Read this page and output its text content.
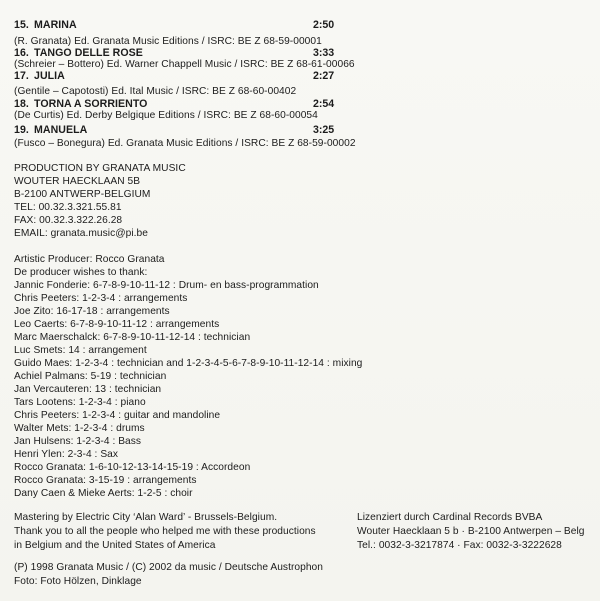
15. MARINA	2:50
(R. Granata) Ed. Granata Music Editions / ISRC: BE Z 68-59-00001
16. TANGO DELLE ROSE	3:33
(Schreier – Bottero) Ed. Warner Chappell Music / ISRC: BE Z 68-61-00066
17. JULIA	2:27
(Gentile – Capotosti) Ed. Ital Music / ISRC: BE Z 68-60-00402
18. TORNA A SORRIENTO	2:54
(De Curtis) Ed. Derby Belgique Editions / ISRC: BE Z 68-60-00054
19. MANUELA	3:25
(Fusco – Bonegura) Ed. Granata Music Editions / ISRC: BE Z 68-59-00002
PRODUCTION BY GRANATA MUSIC
WOUTER HAECKLAAN 5B
B-2100 ANTWERP-BELGIUM
TEL: 00.32.3.321.55.81
FAX: 00.32.3.322.26.28
EMAIL: granata.music@pi.be
Artistic Producer: Rocco Granata
De producer wishes to thank:
Jannic Fonderie: 6-7-8-9-10-11-12 : Drum- en bass-programmation
Chris Peeters: 1-2-3-4 : arrangements
Joe Zito: 16-17-18 : arrangements
Leo Caerts: 6-7-8-9-10-11-12 : arrangements
Marc Maerschalck: 6-7-8-9-10-11-12-14 : technician
Luc Smets: 14 : arrangement
Guido Maes: 1-2-3-4 : technician and 1-2-3-4-5-6-7-8-9-10-11-12-14 : mixing
Achiel Palmans: 5-19 : technician
Jan Vercauteren: 13 : technician
Tars Lootens: 1-2-3-4 : piano
Chris Peeters: 1-2-3-4 : guitar and mandoline
Walter Mets: 1-2-3-4 : drums
Jan Hulsens: 1-2-3-4 : Bass
Henri Ylen: 2-3-4 : Sax
Rocco Granata: 1-6-10-12-13-14-15-19 : Accordeon
Rocco Granata: 3-15-19 : arrangements
Dany Caen & Mieke Aerts: 1-2-5 : choir
Mastering by Electric City ‘Alan Ward’ - Brussels-Belgium.
Thank you to all the people who helped me with these productions
in Belgium and the United States of America
Lizenziert durch Cardinal Records BVBA
Wouter Haecklaan 5 b · B-2100 Antwerpen – Belg
Tel.: 0032-3-3217874 · Fax: 0032-3-3222628
(P) 1998 Granata Music / (C) 2002 da music / Deutsche Austrophon
Foto: Foto Hölzen, Dinklage
